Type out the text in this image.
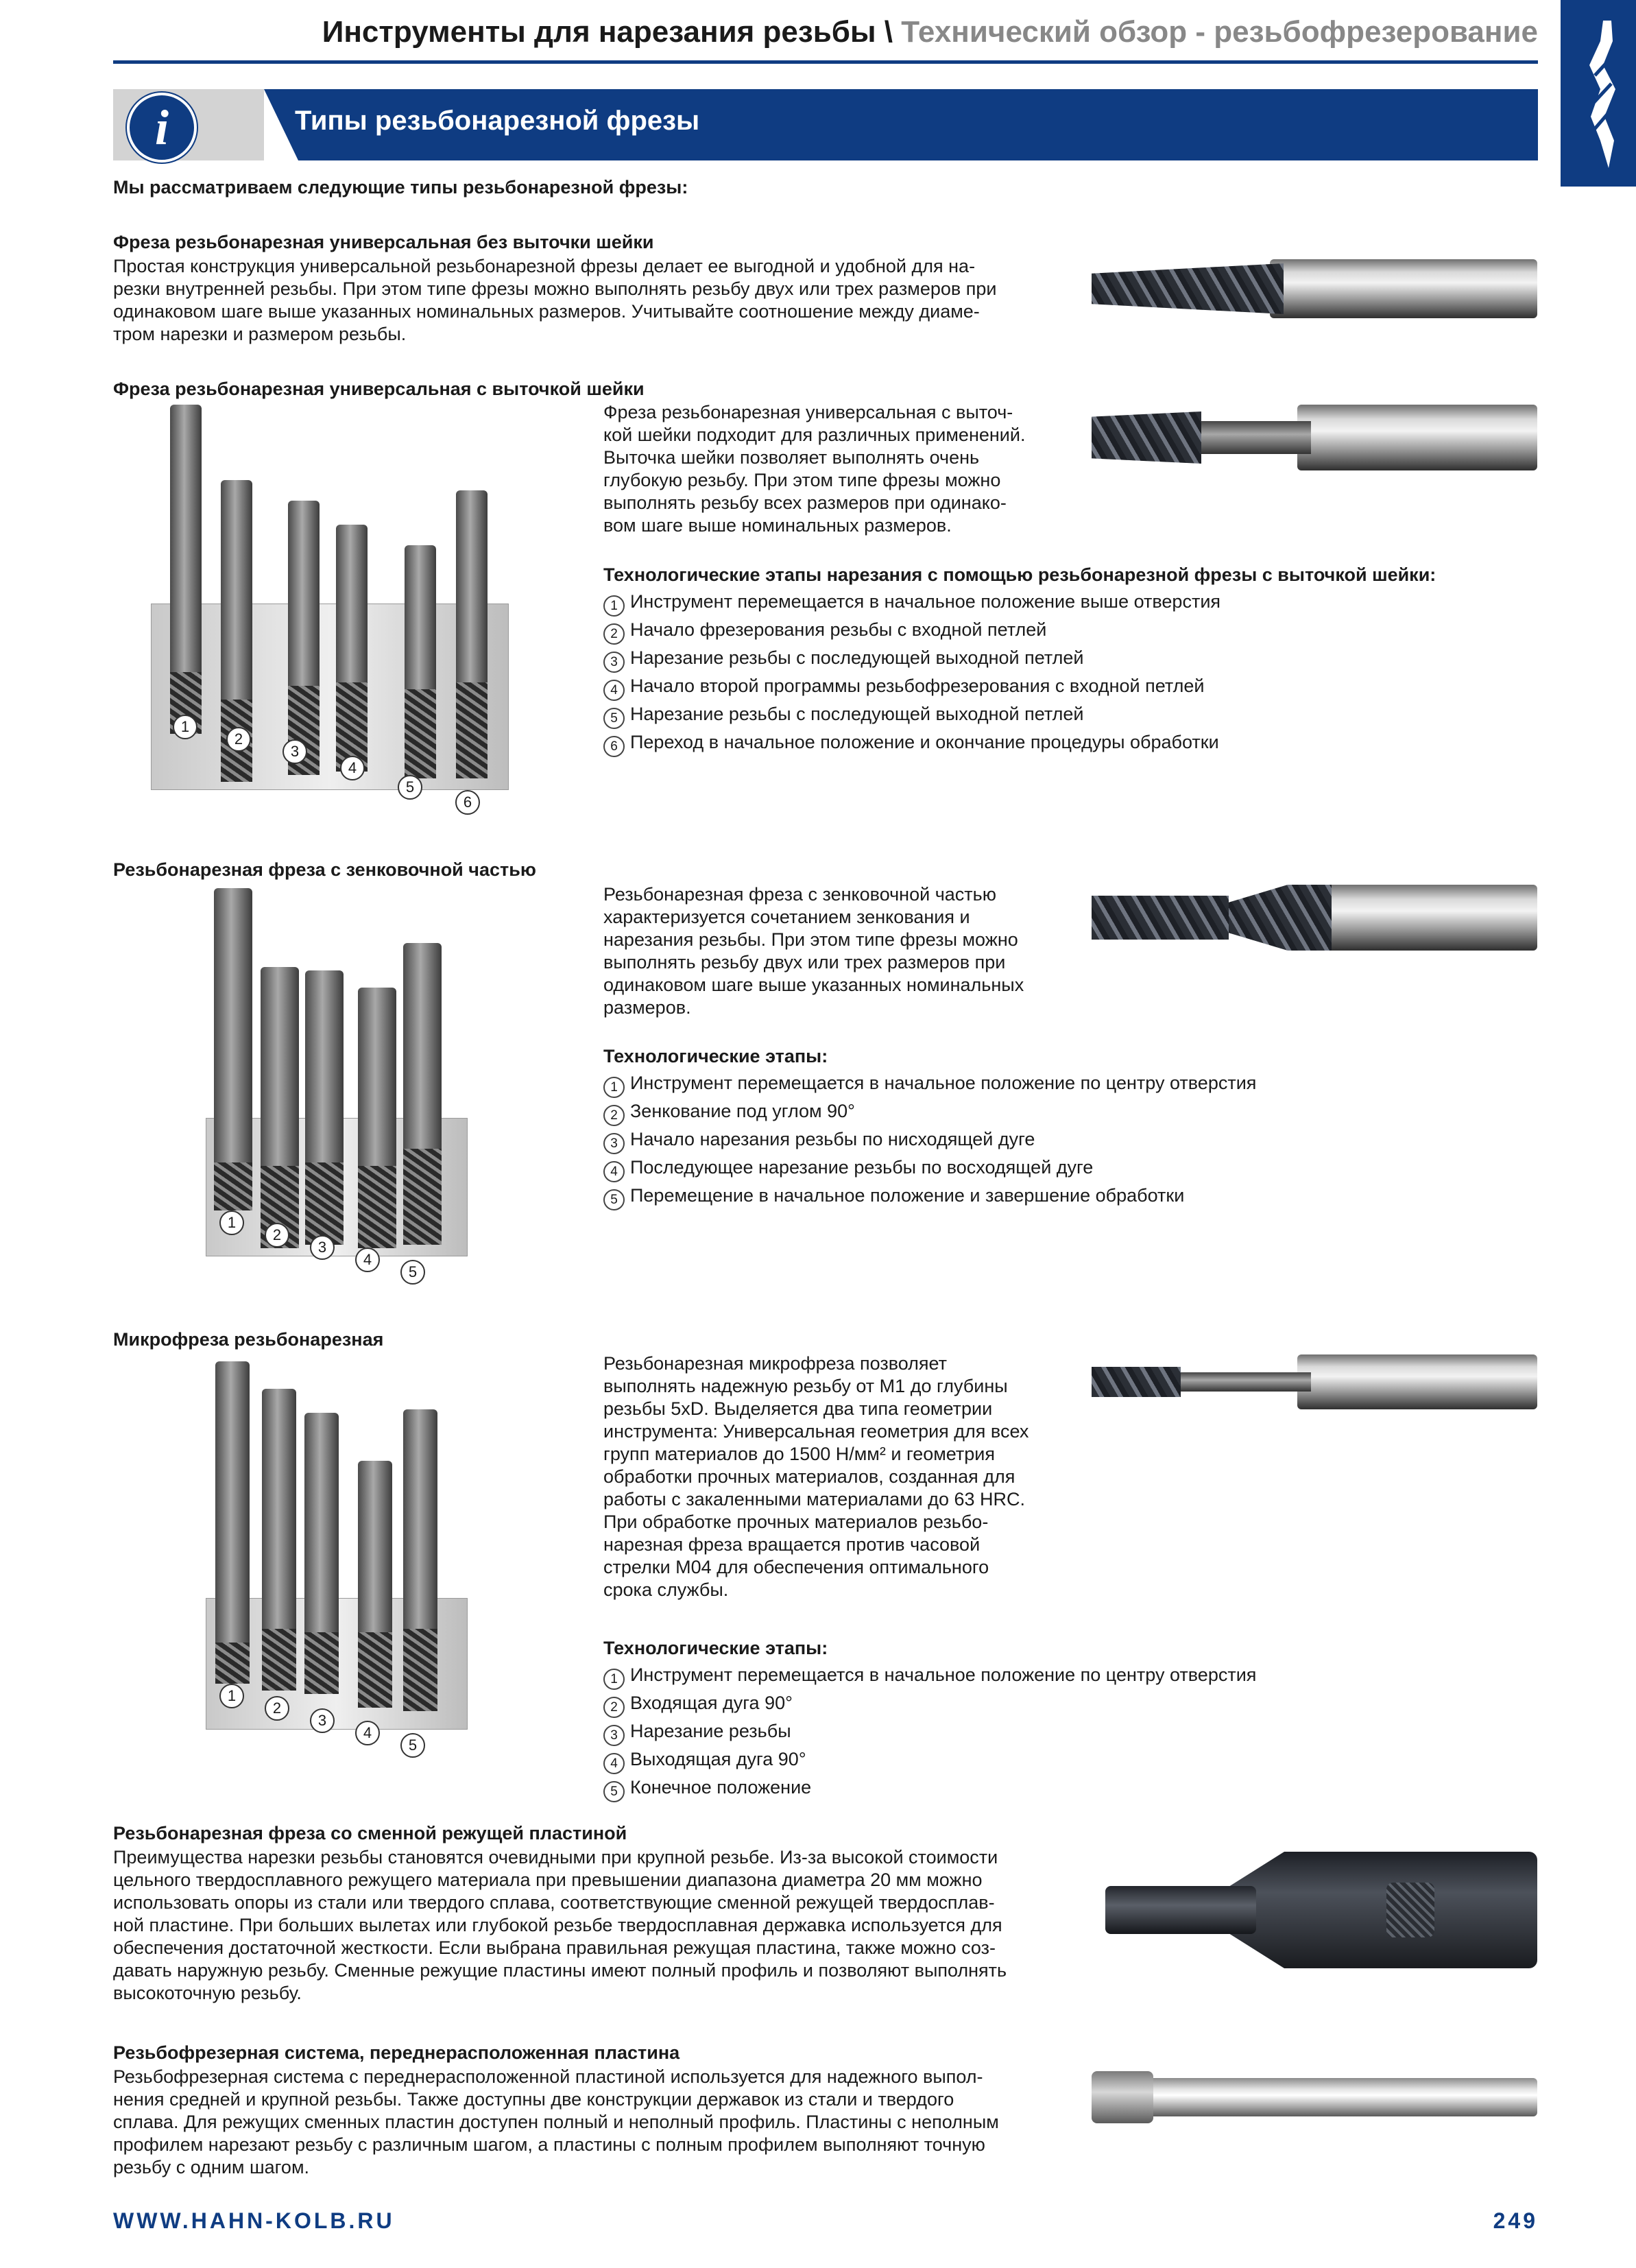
Инструменты для нарезания резьбы \ Технический обзор - резьбофрезерование
i	Типы резьбонарезной фрезы
Мы рассматриваем следующие типы резьбонарезной фрезы:
Фреза резьбонарезная универсальная без выточки шейки

Простая конструкция универсальной резьбонарезной фрезы делает ее выгодной и удобной для на-

резки внутренней резьбы. При этом типе фрезы можно выполнять резьбу двух или трех размеров при

одинаковом шаге выше указанных номинальных размеров. Учитывайте соотношение между диаме-

тром нарезки и размером резьбы.

Фреза резьбонарезная универсальная с выточкой шейки

Фреза резьбонарезная универсальная с выточ-

кой шейки подходит для различных применений.

Выточка шейки позволяет выполнять очень

глубокую резьбу. При этом типе фрезы можно

выполнять резьбу всех размеров при одинако-

вом шаге выше номинальных размеров.

Технологические этапы нарезания с помощью резьбонарезной фрезы с выточкой шейки:
1 Инструмент перемещается в начальное положение выше отверстия
2 Начало фрезерования резьбы с входной петлей
3 Нарезание резьбы с последующей выходной петлей
4 Начало второй программы резьбофрезерования с входной петлей
5 Нарезание резьбы с последующей выходной петлей
6 Переход в начальное положение и окончание процедуры обработки
1
2
3
4
5
6
Резьбонарезная фреза с зенковочной частью

Резьбонарезная фреза с зенковочной частью

характеризуется сочетанием зенкования и

нарезания резьбы. При этом типе фрезы можно

выполнять резьбу двух или трех размеров при

одинаковом шаге выше указанных номинальных

размеров.

Технологические этапы:
1 Инструмент перемещается в начальное положение по центру отверстия
2 Зенкование под углом 90°
3 Начало нарезания резьбы по нисходящей дуге
4 Последующее нарезание резьбы по восходящей дуге
5 Перемещение в начальное положение и завершение обработки
1
2
3
4
5
Микрофреза резьбонарезная

Резьбонарезная микрофреза позволяет

выполнять надежную резьбу от M1 до глубины

резьбы 5xD. Выделяется два типа геометрии

инструмента: Универсальная геометрия для всех

групп материалов до 1500 Н/мм² и геометрия

обработки прочных материалов, созданная для

работы с закаленными материалами до 63 HRC.

При обработке прочных материалов резьбо-

нарезная фреза вращается против часовой

стрелки M04 для обеспечения оптимального

срока службы.

Технологические этапы:
1 Инструмент перемещается в начальное положение по центру отверстия
2 Входящая дуга 90°
3 Нарезание резьбы
4 Выходящая дуга 90°
5 Конечное положение
1
2
3
4
5
Резьбонарезная фреза со сменной режущей пластиной

Преимущества нарезки резьбы становятся очевидными при крупной резьбе. Из-за высокой стоимости

цельного твердосплавного режущего материала при превышении диапазона диаметра 20 мм можно

использовать опоры из стали или твердого сплава, соответствующие сменной режущей твердосплав-

ной пластине. При больших вылетах или глубокой резьбе твердосплавная державка используется для

обеспечения достаточной жесткости. Если выбрана правильная режущая пластина, также можно соз-

давать наружную резьбу. Сменные режущие пластины имеют полный профиль и позволяют выполнять

высокоточную резьбу.

Резьбофрезерная система, переднерасположенная пластина

Резьбофрезерная система с переднерасположенной пластиной используется для надежного выпол-

нения средней и крупной резьбы. Также доступны две конструкции державок из стали и твердого

сплава. Для режущих сменных пластин доступен полный и неполный профиль. Пластины с неполным

профилем нарезают резьбу с различным шагом, а пластины с полным профилем выполняют точную

резьбу с одним шагом.

WWW.HAHN-KOLB.RU	249
